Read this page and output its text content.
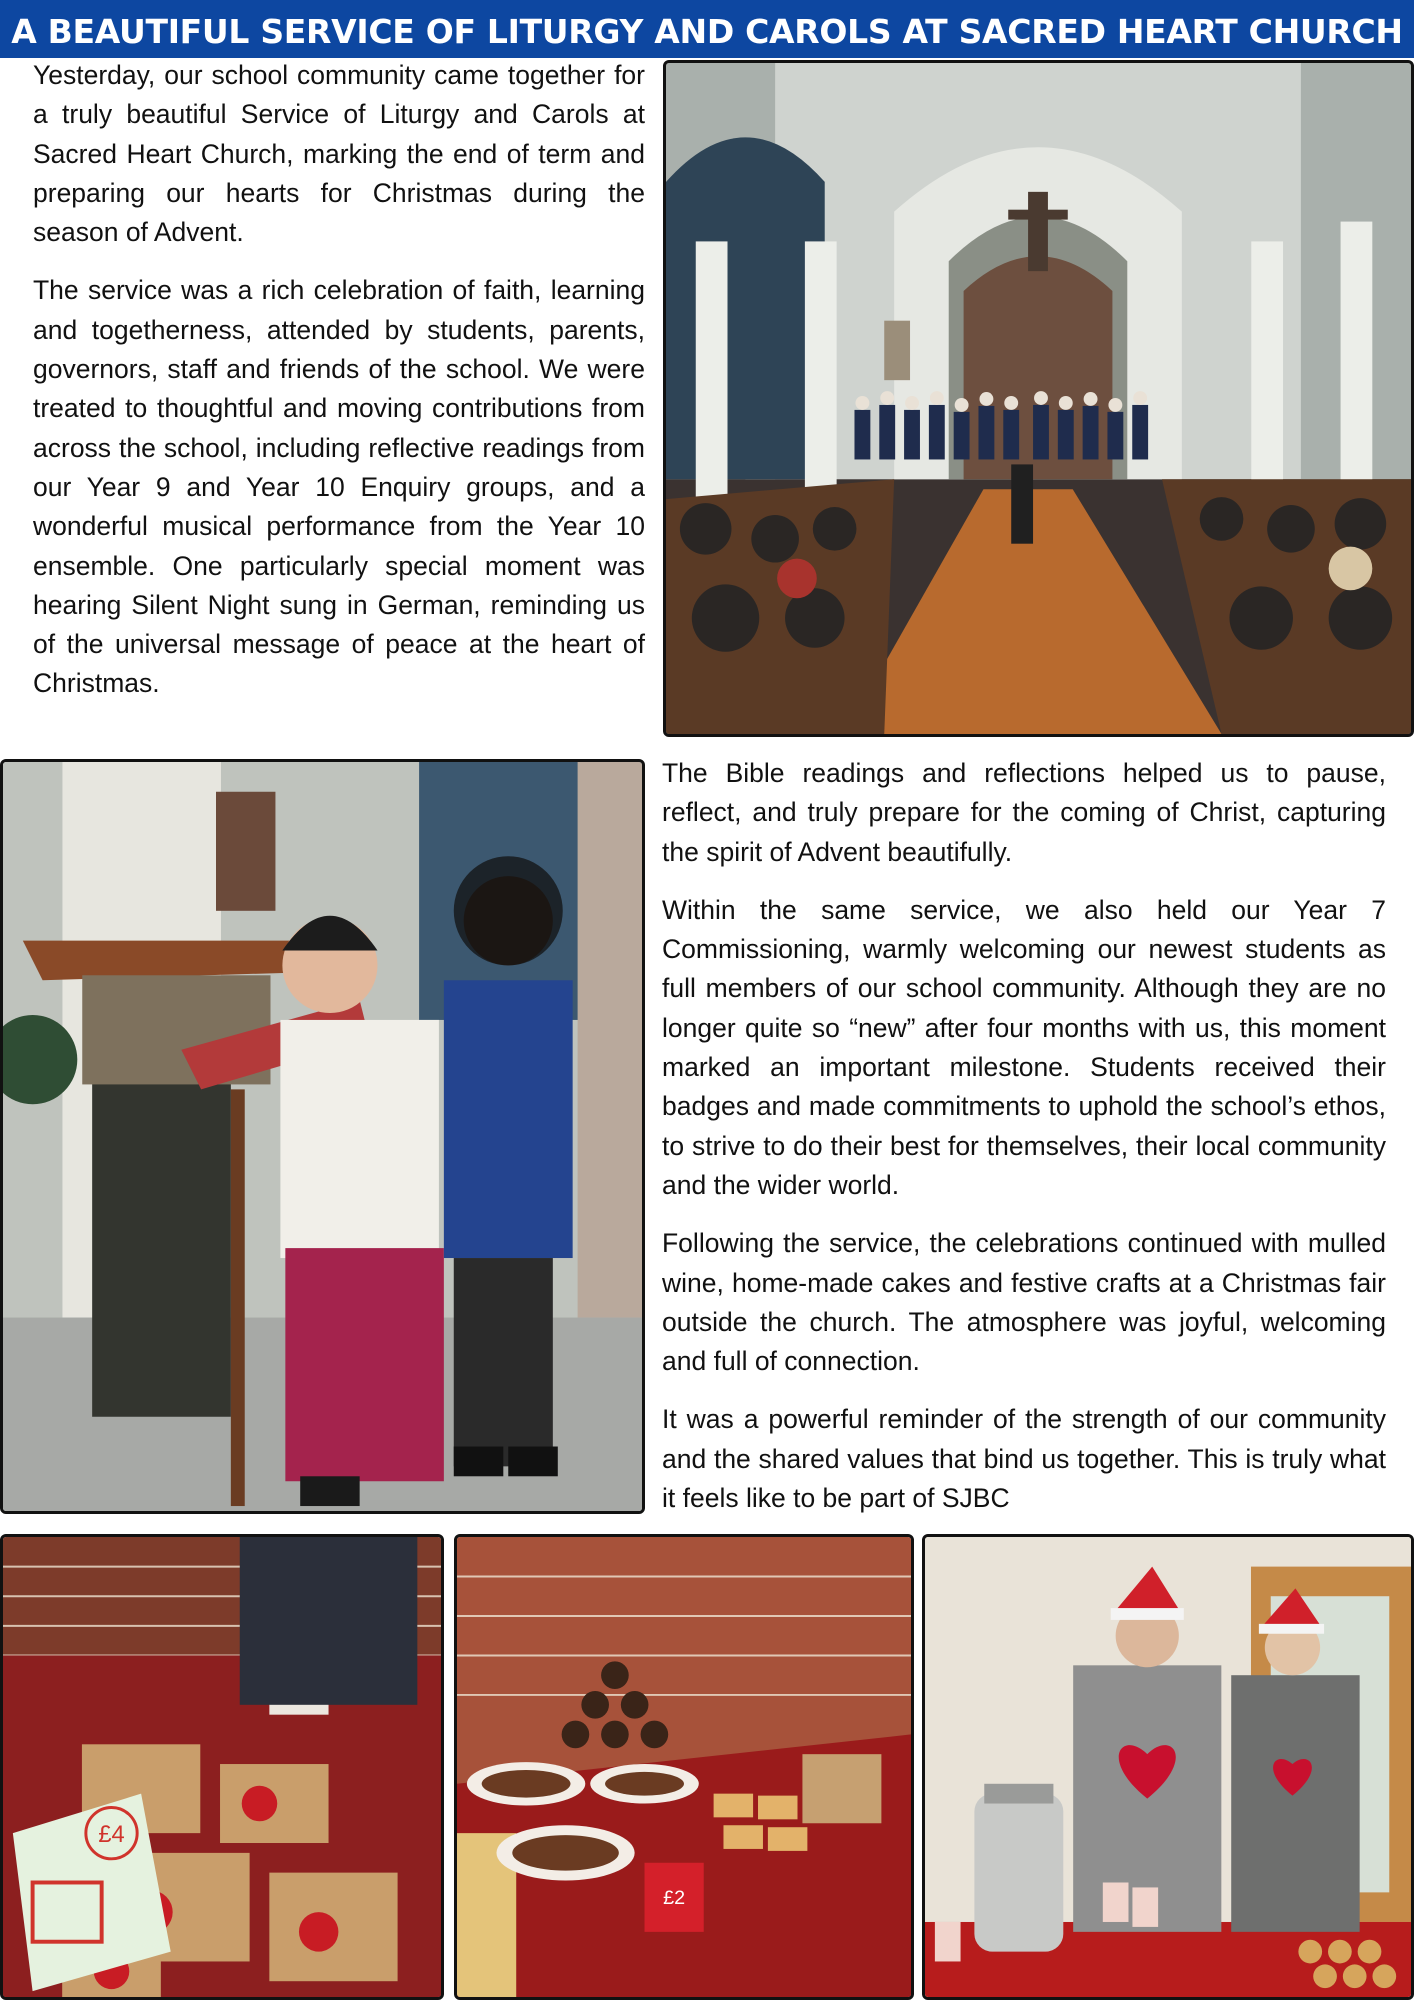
A BEAUTIFUL SERVICE OF LITURGY AND CAROLS AT SACRED HEART CHURCH

Yesterday, our school community came together for a truly beautiful Service of Liturgy and Carols at Sacred Heart Church, marking the end of term and preparing our hearts for Christmas during the season of Advent.

The service was a rich celebration of faith, learning and togetherness, attended by students, parents, governors, staff and friends of the school. We were treated to thoughtful and moving contributions from across the school, including reflective readings from our Year 9 and Year 10 Enquiry groups, and a wonderful musical performance from the Year 10 ensemble. One particularly special moment was hearing Silent Night sung in German, reminding us of the universal message of peace at the heart of Christmas.

The Bible readings and reflections helped us to pause, reflect, and truly prepare for the coming of Christ, capturing the spirit of Advent beautifully.

Within the same service, we also held our Year 7 Commissioning, warmly welcoming our newest students as full members of our school community. Although they are no longer quite so “new” after four months with us, this moment marked an important milestone. Students received their badges and made commitments to uphold the school’s ethos, to strive to do their best for themselves, their local community and the wider world.

Following the service, the celebrations continued with mulled wine, home-made cakes and festive crafts at a Christmas fair outside the church. The atmosphere was joyful, welcoming and full of connection.

It was a powerful reminder of the strength of our community and the shared values that bind us together. This is truly what it feels like to be part of SJBC

£4
£2
